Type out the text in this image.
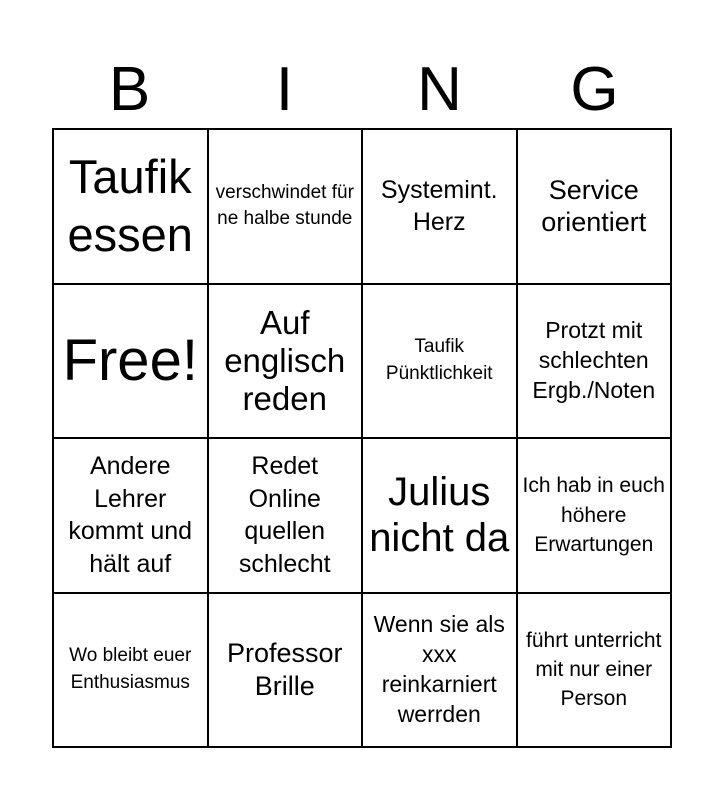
B	I	N	G
Taufik essen
verschwindet für ne halbe stunde
Systemint. Herz
Service orientiert
Free!
Auf englisch reden
Taufik Pünktlichkeit
Protzt mit schlechten Ergb./Noten
Andere Lehrer kommt und hält auf
Redet Online quellen schlecht
Julius nicht da
Ich hab in euch höhere Erwartungen
Wo bleibt euer Enthusiasmus
Professor Brille
Wenn sie als xxx reinkarniert werrden
führt unterricht mit nur einer Person
